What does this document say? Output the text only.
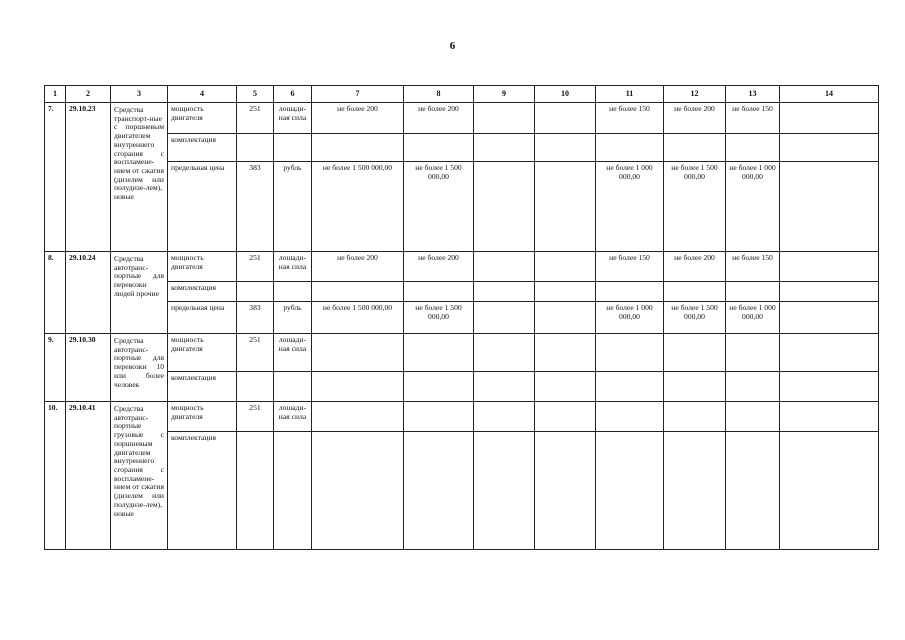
6
1	2	3	4	5	6	7	8	9	10	11	12	13	14
7.	29.10.23	Средства транспорт-ные с поршневым двигателем внутреннего сгорания с воспламене-нием от сжатия (дизелем или полудизе-лем), новые	мощность двигателя	251	лошади-ная сила	не более 200	не более 200			не более 150	не более 200	не более 150	
			комплектация										
			предельная цена	383	рубль	не более 1 500 000,00	не более 1 500 000,00			не более 1 000 000,00	не более 1 500 000,00	не более 1 000 000,00	
8.	29.10.24	Средства автотранс-портные для перевозки людей прочие	мощность двигателя	251	лошади-ная сила	не более 200	не более 200			не более 150	не более 200	не более 150	
			комплектация										
			предельная цена	383	рубль	не более 1 500 000,00	не более 1 500 000,00			не более 1 000 000,00	не более 1 500 000,00	не более 1 000 000,00	
9.	29.10.30	Средства автотранс-портные для перевозки 10 или более человек	мощность двигателя	251	лошади-ная сила								
			комплектация										
10.	29.10.41	Средства автотранс-портные грузовые с поршневым двигателем внутреннего сгорания с воспламене-нием от сжатия (дизелем или полудизе-лем), новые	мощность двигателя	251	лошади-ная сила								
			комплектация										
